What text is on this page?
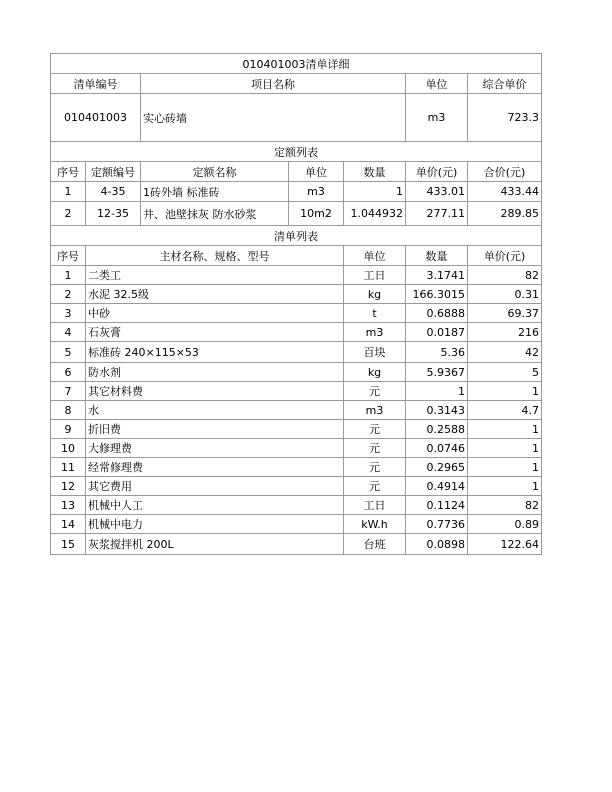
010401003清单详细							
清单编号		项目名称			单位	综合单价	
010401003		实心砖墙			m3	723.3	
定额列表							
序号	定额编号	定额名称	单位	数量	单价(元)	合价(元)	
1	4-35	1砖外墙 标准砖	m3	1	433.01	433.44	
2	12-35	井、池壁抹灰 防水砂浆	10m2	1.044932	277.11	289.85	
清单列表							
序号	主材名称、规格、型号			单位	数量	单价(元)	
1	二类工			工日	3.1741	82	
2	水泥 32.5级			kg	166.3015	0.31	
3	中砂			t	0.6888	69.37	
4	石灰膏			m3	0.0187	216	
5	标准砖 240×115×53			百块	5.36	42	
6	防水剂			kg	5.9367	5	
7	其它材料费			元	1	1	
8	水			m3	0.3143	4.7	
9	折旧费			元	0.2588	1	
10	大修理费			元	0.0746	1	
11	经常修理费			元	0.2965	1	
12	其它费用			元	0.4914	1	
13	机械中人工			工日	0.1124	82	
14	机械中电力			kW.h	0.7736	0.89	
15	灰浆搅拌机 200L			台班	0.0898	122.64	
